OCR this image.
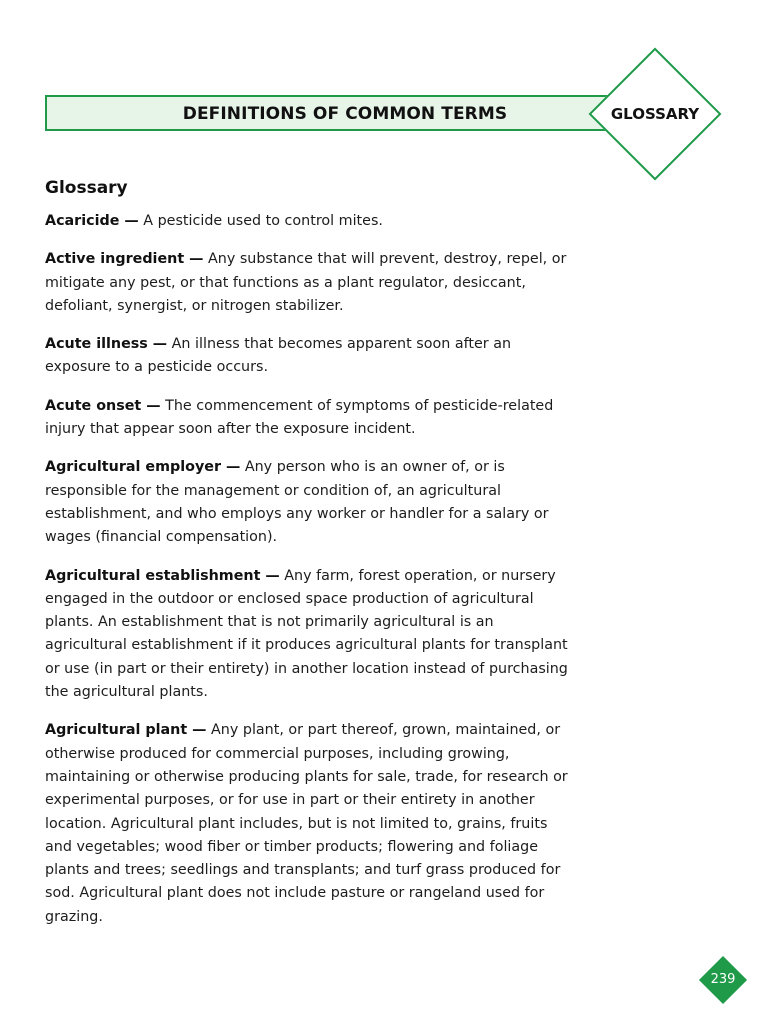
DEFINITIONS OF COMMON TERMS	GLOSSARY
Glossary

Acaricide — A pesticide used to control mites.

Active ingredient — Any substance that will prevent, destroy, repel, or mitigate any pest, or that functions as a plant regulator, desiccant, defoliant, synergist, or nitrogen stabilizer.

Acute illness — An illness that becomes apparent soon after an exposure to a pesticide occurs.

Acute onset — The commencement of symptoms of pesticide-related injury that appear soon after the exposure incident.

Agricultural employer — Any person who is an owner of, or is responsible for the management or condition of, an agricultural establishment, and who employs any worker or handler for a salary or wages (financial compensation).

Agricultural establishment — Any farm, forest operation, or nursery engaged in the outdoor or enclosed space production of agricultural plants. An establishment that is not primarily agricultural is an agricultural establishment if it produces agricultural plants for transplant or use (in part or their entirety) in another location instead of purchasing the agricultural plants.

Agricultural plant — Any plant, or part thereof, grown, maintained, or otherwise produced for commercial purposes, including growing, maintaining or otherwise producing plants for sale, trade, for research or experimental purposes, or for use in part or their entirety in another location. Agricultural plant includes, but is not limited to, grains, fruits and vegetables; wood fiber or timber products; flowering and foliage plants and trees; seedlings and transplants; and turf grass produced for sod. Agricultural plant does not include pasture or rangeland used for grazing.

239
